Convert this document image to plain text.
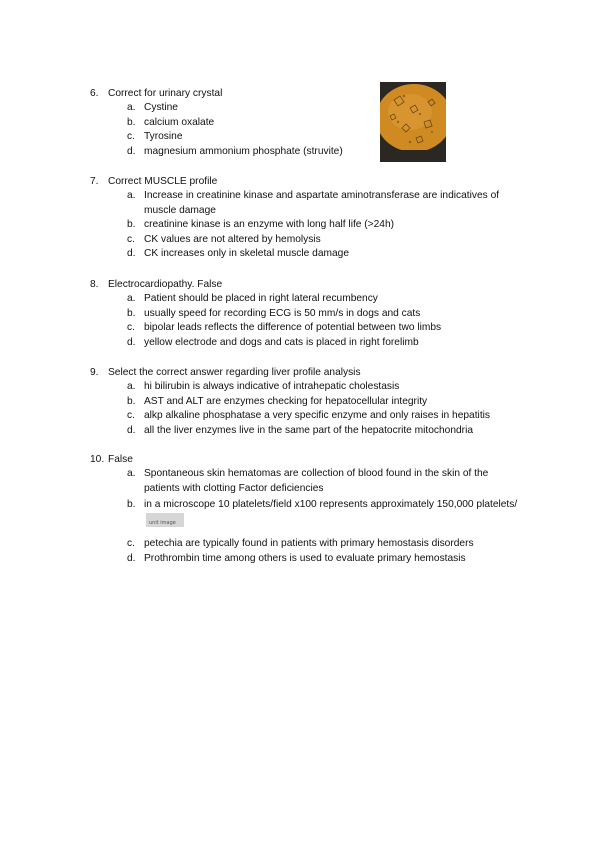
6. Correct for urinary crystal
a. Cystine
b. calcium oxalate
c. Tyrosine
d. magnesium ammonium phosphate (struvite)
7. Correct MUSCLE profile
a. Increase in creatinine kinase and aspartate aminotransferase are indicatives of muscle damage
b. creatinine kinase is an enzyme with long half life (>24h)
c. CK values are not altered by hemolysis
d. CK increases only in skeletal muscle damage
8. Electrocardiopathy. False
a. Patient should be placed in right lateral recumbency
b. usually speed for recording ECG is 50 mm/s in dogs and cats
c. bipolar leads reflects the difference of potential between two limbs
d. yellow electrode and dogs and cats is placed in right forelimb
9. Select the correct answer regarding liver profile analysis
a. hi bilirubin is always indicative of intrahepatic cholestasis
b. AST and ALT are enzymes checking for hepatocellular integrity
c. alkp alkaline phosphatase a very specific enzyme and only raises in hepatitis
d. all the liver enzymes live in the same part of the hepatocrite mitochondria
10. False
a. Spontaneous skin hematomas are collection of blood found in the skin of the patients with clotting Factor deficiencies
b. in a microscope 10 platelets/field x100 represents approximately 150,000 platelets/
unit image
c. petechia are typically found in patients with primary hemostasis disorders
d. Prothrombin time among others is used to evaluate primary hemostasis
